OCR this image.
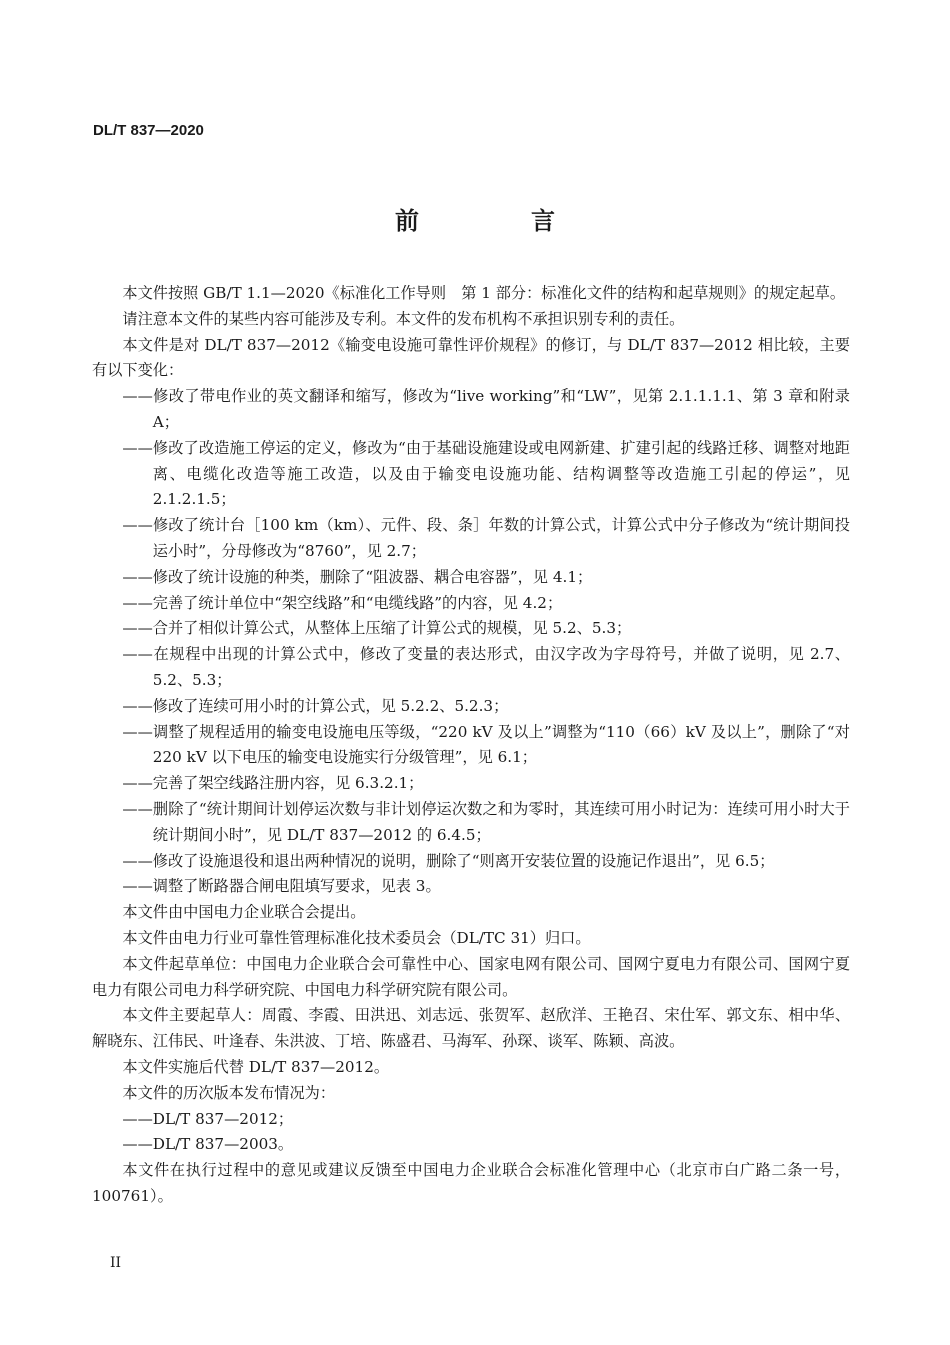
DL/T 837—2020
前　言

本文件按照 GB/T 1.1—2020《标准化工作导则　第 1 部分：标准化文件的结构和起草规则》的规定起草。

请注意本文件的某些内容可能涉及专利。本文件的发布机构不承担识别专利的责任。

本文件是对 DL/T 837—2012《输变电设施可靠性评价规程》的修订，与 DL/T 837—2012 相比较，主要有以下变化：

——修改了带电作业的英文翻译和缩写，修改为“live working”和“LW”，见第 2.1.1.1.1、第 3 章和附录 A；

——修改了改造施工停运的定义，修改为“由于基础设施建设或电网新建、扩建引起的线路迁移、调整对地距离、电缆化改造等施工改造，以及由于输变电设施功能、结构调整等改造施工引起的停运”，见 2.1.2.1.5；

——修改了统计台［100 km（km）、元件、段、条］年数的计算公式，计算公式中分子修改为“统计期间投运小时”，分母修改为“8760”，见 2.7；

——修改了统计设施的种类，删除了“阻波器、耦合电容器”，见 4.1；

——完善了统计单位中“架空线路”和“电缆线路”的内容，见 4.2；

——合并了相似计算公式，从整体上压缩了计算公式的规模，见 5.2、5.3；

——在规程中出现的计算公式中，修改了变量的表达形式，由汉字改为字母符号，并做了说明，见 2.7、5.2、5.3；

——修改了连续可用小时的计算公式，见 5.2.2、5.2.3；

——调整了规程适用的输变电设施电压等级，“220 kV 及以上”调整为“110（66）kV 及以上”，删除了“对 220 kV 以下电压的输变电设施实行分级管理”，见 6.1；

——完善了架空线路注册内容，见 6.3.2.1；

——删除了“统计期间计划停运次数与非计划停运次数之和为零时，其连续可用小时记为：连续可用小时大于统计期间小时”，见 DL/T 837—2012 的 6.4.5；

——修改了设施退役和退出两种情况的说明，删除了“则离开安装位置的设施记作退出”，见 6.5；

——调整了断路器合闸电阻填写要求，见表 3。

本文件由中国电力企业联合会提出。

本文件由电力行业可靠性管理标准化技术委员会（DL/TC 31）归口。

本文件起草单位：中国电力企业联合会可靠性中心、国家电网有限公司、国网宁夏电力有限公司、国网宁夏电力有限公司电力科学研究院、中国电力科学研究院有限公司。

本文件主要起草人：周霞、李霞、田洪迅、刘志远、张贺军、赵欣洋、王艳召、宋仕军、郭文东、相中华、解晓东、江伟民、叶逢春、朱洪波、丁培、陈盛君、马海军、孙琛、谈军、陈颖、高波。

本文件实施后代替 DL/T 837—2012。

本文件的历次版本发布情况为：

——DL/T 837—2012；

——DL/T 837—2003。

本文件在执行过程中的意见或建议反馈至中国电力企业联合会标准化管理中心（北京市白广路二条一号，100761）。

II
